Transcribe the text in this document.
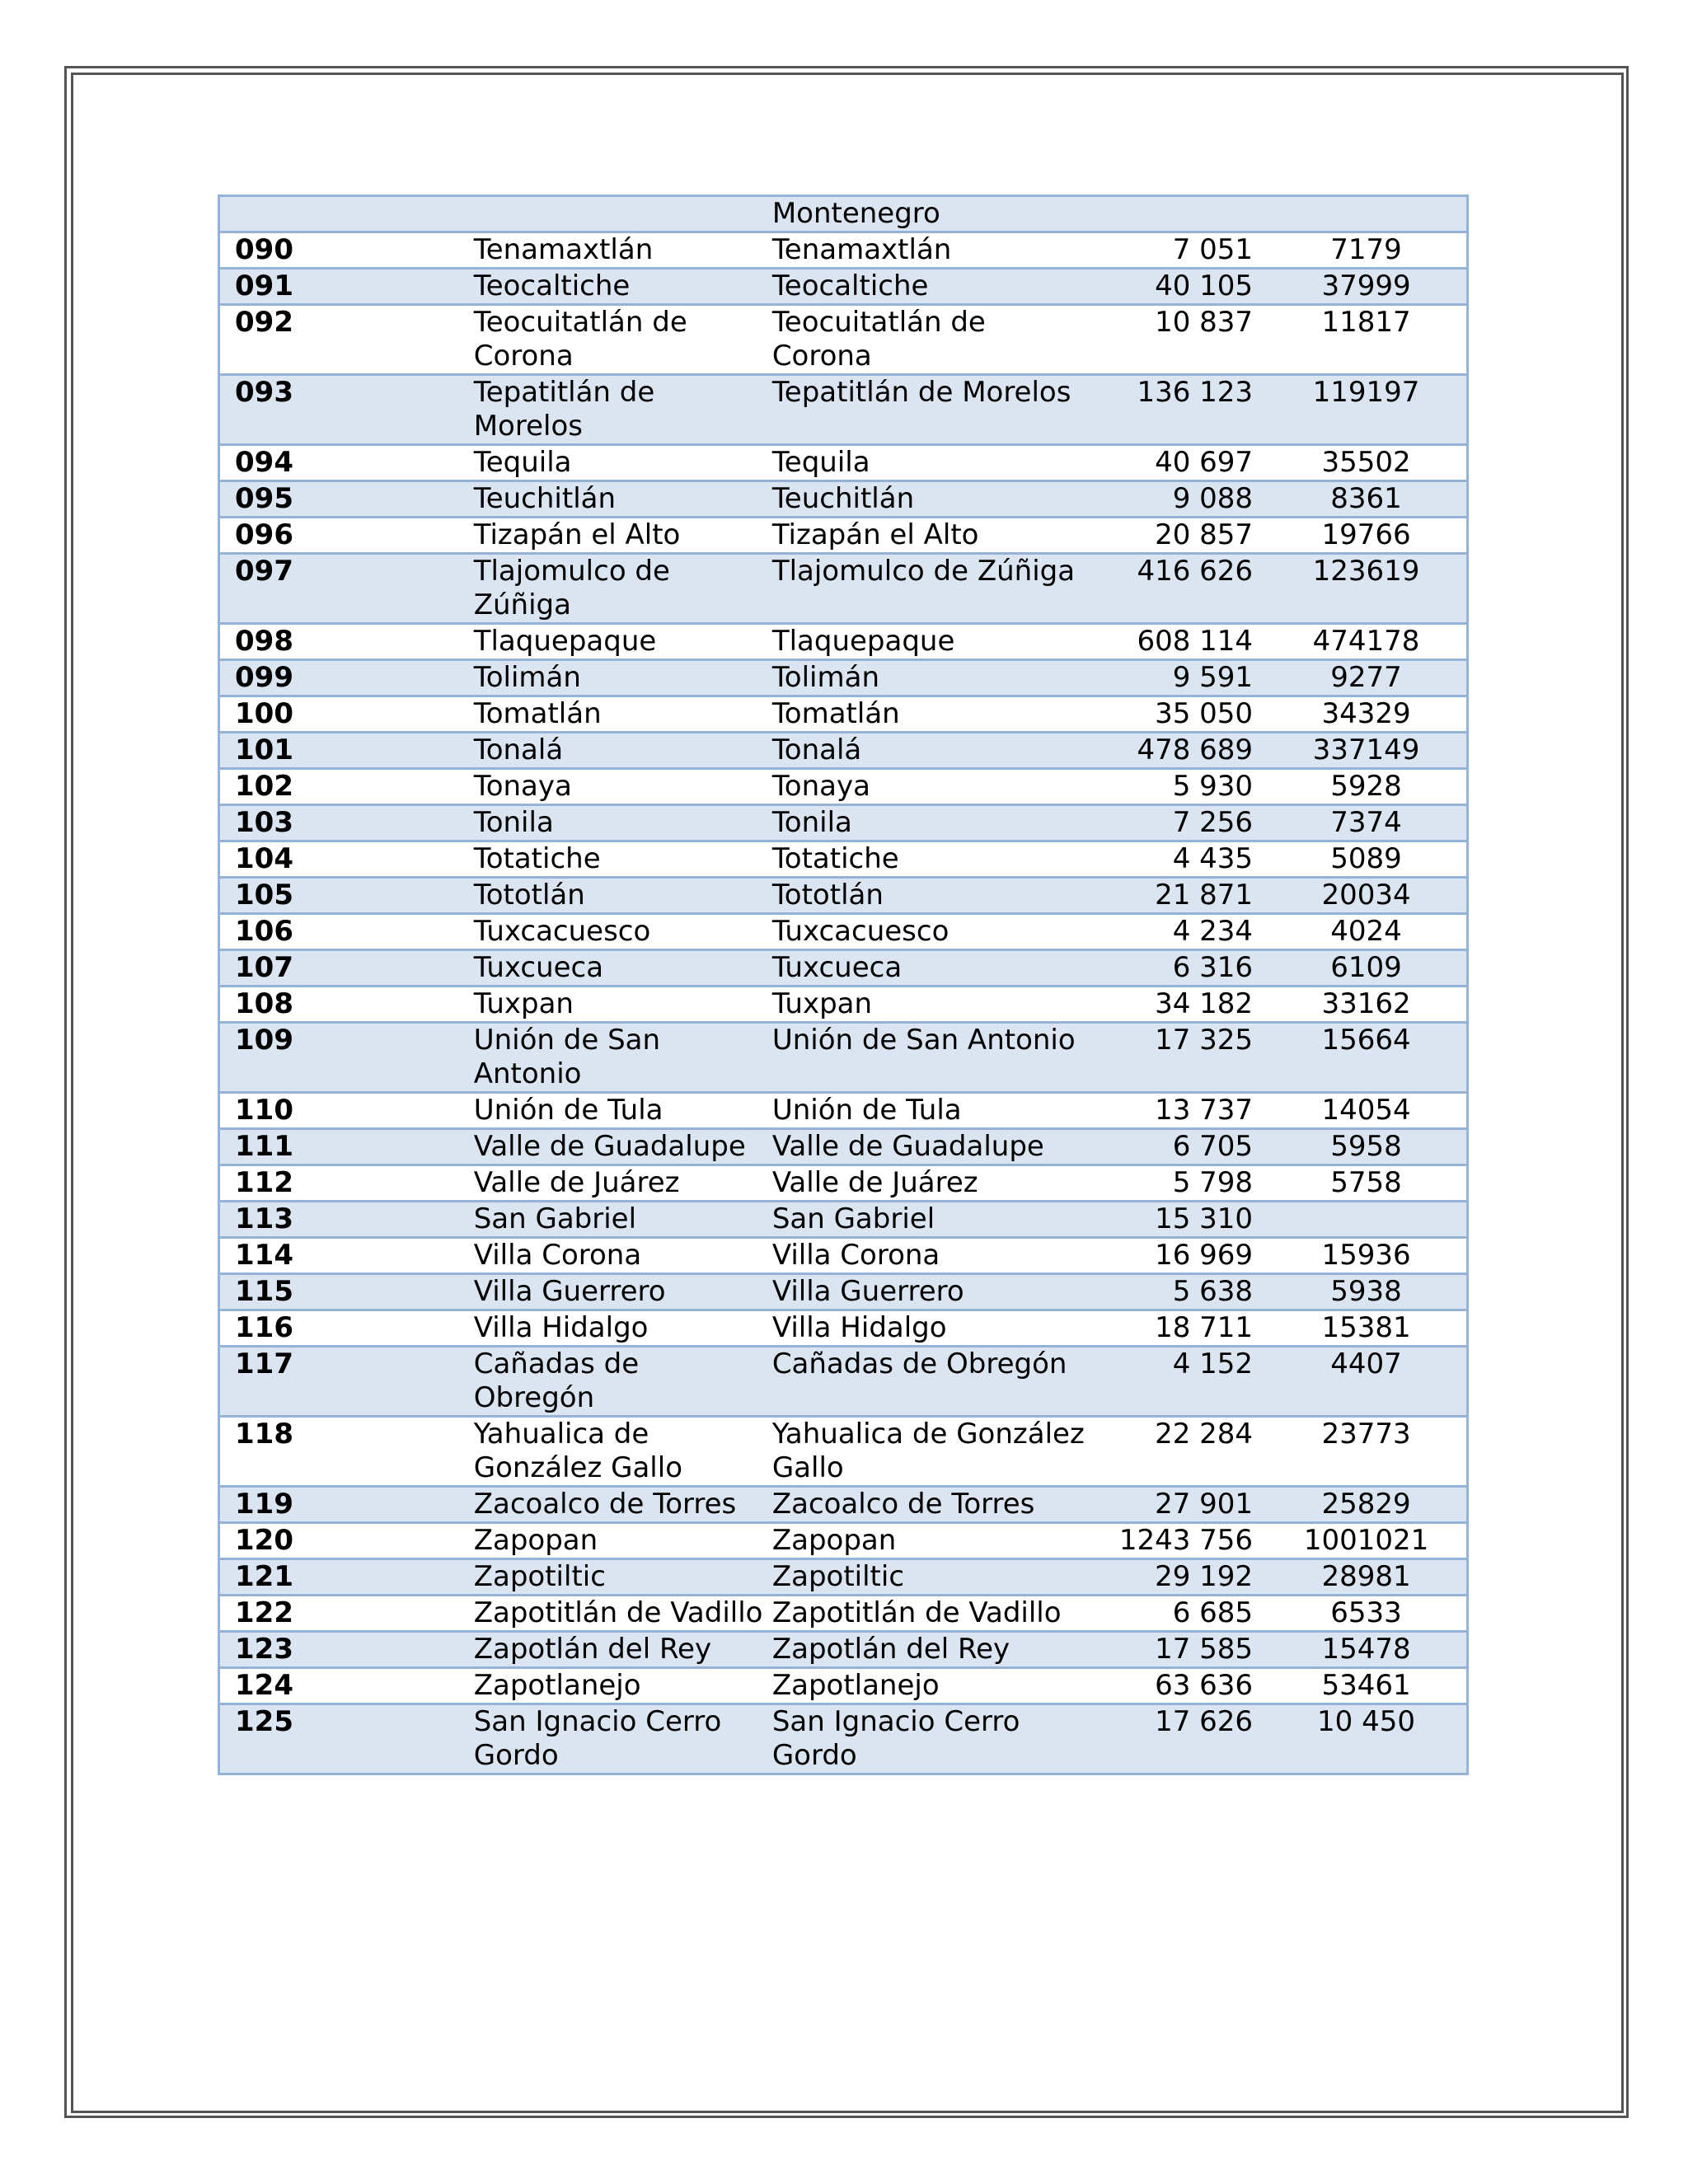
		Montenegro		
090	Tenamaxtlán	Tenamaxtlán	7 051	7179
091	Teocaltiche	Teocaltiche	40 105	37999
092	Teocuitatlán de Corona	Teocuitatlán de Corona	10 837	11817
093	Tepatitlán de Morelos	Tepatitlán de Morelos	136 123	119197
094	Tequila	Tequila	40 697	35502
095	Teuchitlán	Teuchitlán	9 088	8361
096	Tizapán el Alto	Tizapán el Alto	20 857	19766
097	Tlajomulco de Zúñiga	Tlajomulco de Zúñiga	416 626	123619
098	Tlaquepaque	Tlaquepaque	608 114	474178
099	Tolimán	Tolimán	9 591	9277
100	Tomatlán	Tomatlán	35 050	34329
101	Tonalá	Tonalá	478 689	337149
102	Tonaya	Tonaya	5 930	5928
103	Tonila	Tonila	7 256	7374
104	Totatiche	Totatiche	4 435	5089
105	Tototlán	Tototlán	21 871	20034
106	Tuxcacuesco	Tuxcacuesco	4 234	4024
107	Tuxcueca	Tuxcueca	6 316	6109
108	Tuxpan	Tuxpan	34 182	33162
109	Unión de San Antonio	Unión de San Antonio	17 325	15664
110	Unión de Tula	Unión de Tula	13 737	14054
111	Valle de Guadalupe	Valle de Guadalupe	6 705	5958
112	Valle de Juárez	Valle de Juárez	5 798	5758
113	San Gabriel	San Gabriel	15 310	
114	Villa Corona	Villa Corona	16 969	15936
115	Villa Guerrero	Villa Guerrero	5 638	5938
116	Villa Hidalgo	Villa Hidalgo	18 711	15381
117	Cañadas de Obregón	Cañadas de Obregón	4 152	4407
118	Yahualica de González Gallo	Yahualica de González Gallo	22 284	23773
119	Zacoalco de Torres	Zacoalco de Torres	27 901	25829
120	Zapopan	Zapopan	1243 756	1001021
121	Zapotiltic	Zapotiltic	29 192	28981
122	Zapotitlán de Vadillo	Zapotitlán de Vadillo	6 685	6533
123	Zapotlán del Rey	Zapotlán del Rey	17 585	15478
124	Zapotlanejo	Zapotlanejo	63 636	53461
125	San Ignacio Cerro Gordo	San Ignacio Cerro Gordo	17 626	10 450
